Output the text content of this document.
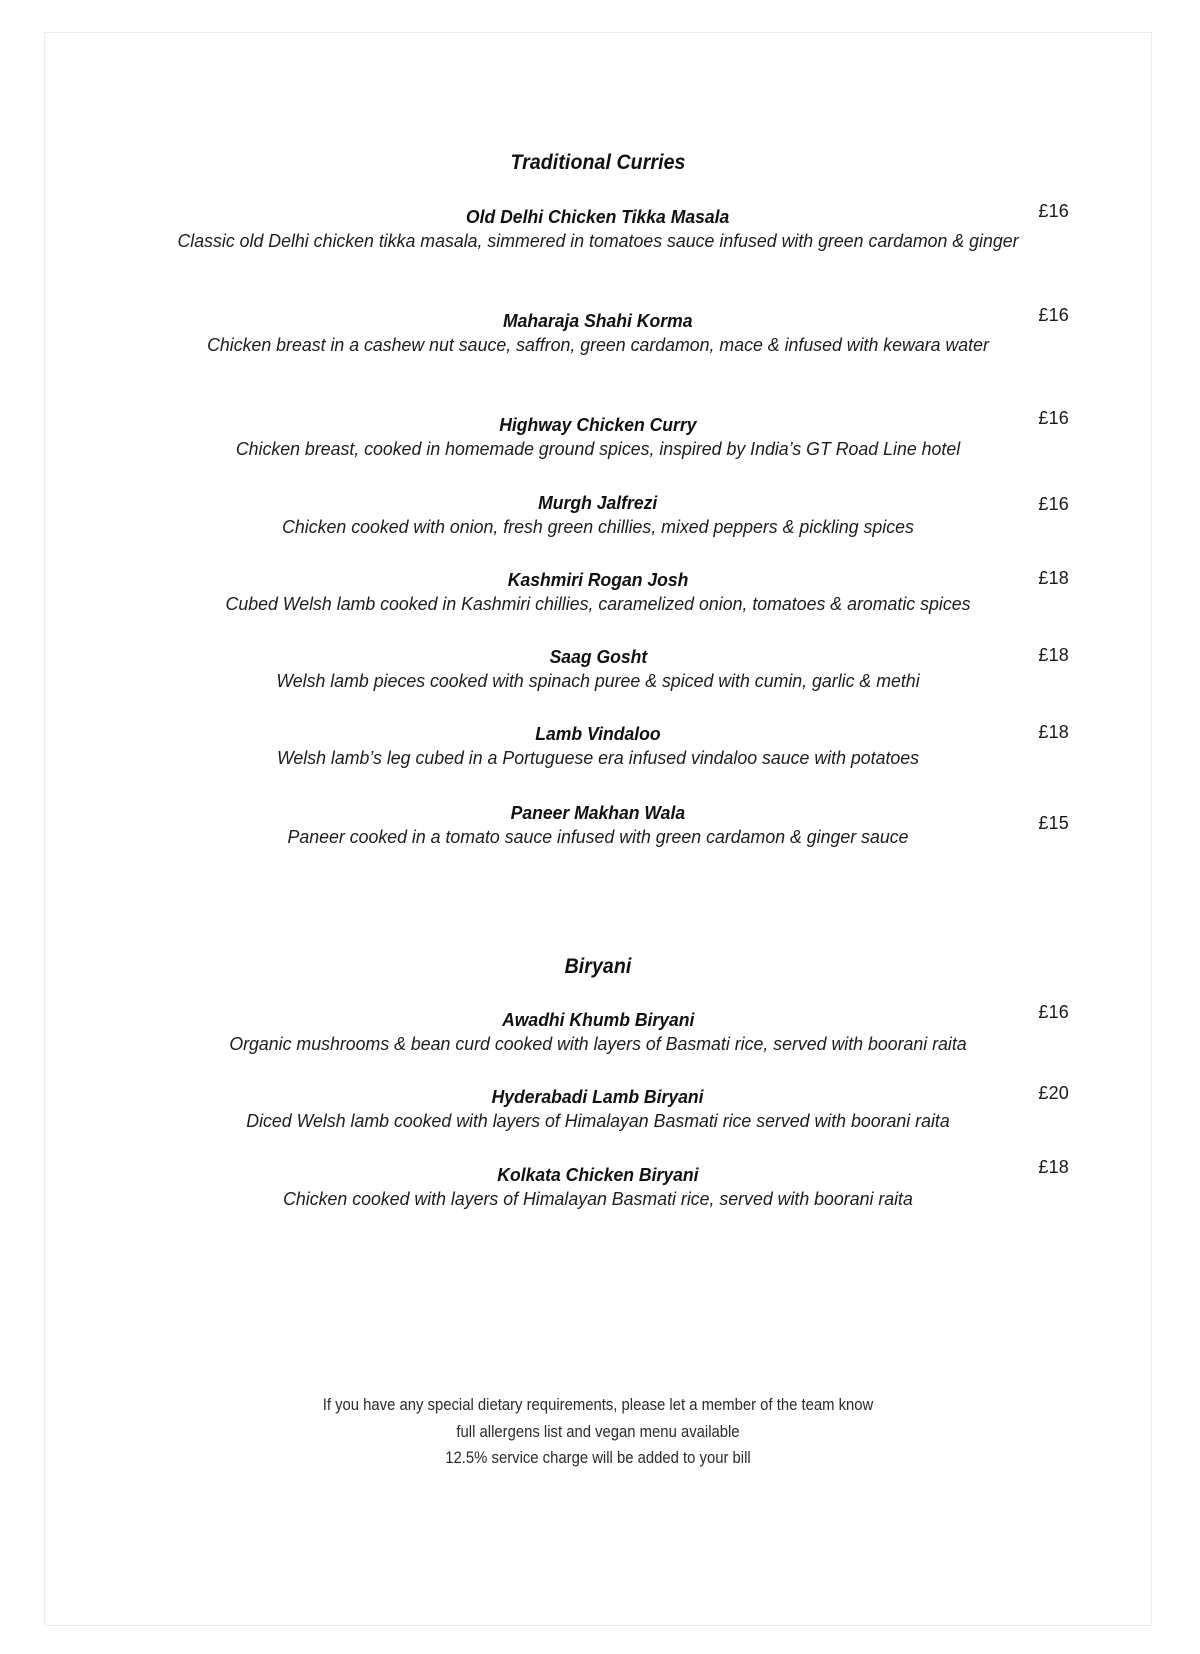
Traditional Curries
Old Delhi Chicken Tikka Masala	£16

Classic old Delhi chicken tikka masala, simmered in tomatoes sauce infused with green cardamon & ginger

Maharaja Shahi Korma	£16

Chicken breast in a cashew nut sauce, saffron, green cardamon, mace & infused with kewara water

Highway Chicken Curry	£16

Chicken breast, cooked in homemade ground spices, inspired by India’s GT Road Line hotel

Murgh Jalfrezi	£16

Chicken cooked with onion, fresh green chillies, mixed peppers & pickling spices

Kashmiri Rogan Josh	£18

Cubed Welsh lamb cooked in Kashmiri chillies, caramelized onion, tomatoes & aromatic spices

Saag Gosht	£18

Welsh lamb pieces cooked with spinach puree & spiced with cumin, garlic & methi

Lamb Vindaloo	£18

Welsh lamb’s leg cubed in a Portuguese era infused vindaloo sauce with potatoes

Paneer Makhan Wala	£15

Paneer cooked in a tomato sauce infused with green cardamon & ginger sauce

Biryani
Awadhi Khumb Biryani	£16

Organic mushrooms & bean curd cooked with layers of Basmati rice, served with boorani raita

Hyderabadi Lamb Biryani	£20

Diced Welsh lamb cooked with layers of Himalayan Basmati rice served with boorani raita

Kolkata Chicken Biryani	£18

Chicken cooked with layers of Himalayan Basmati rice, served with boorani raita

If you have any special dietary requirements, please let a member of the team know
full allergens list and vegan menu available
12.5% service charge will be added to your bill
